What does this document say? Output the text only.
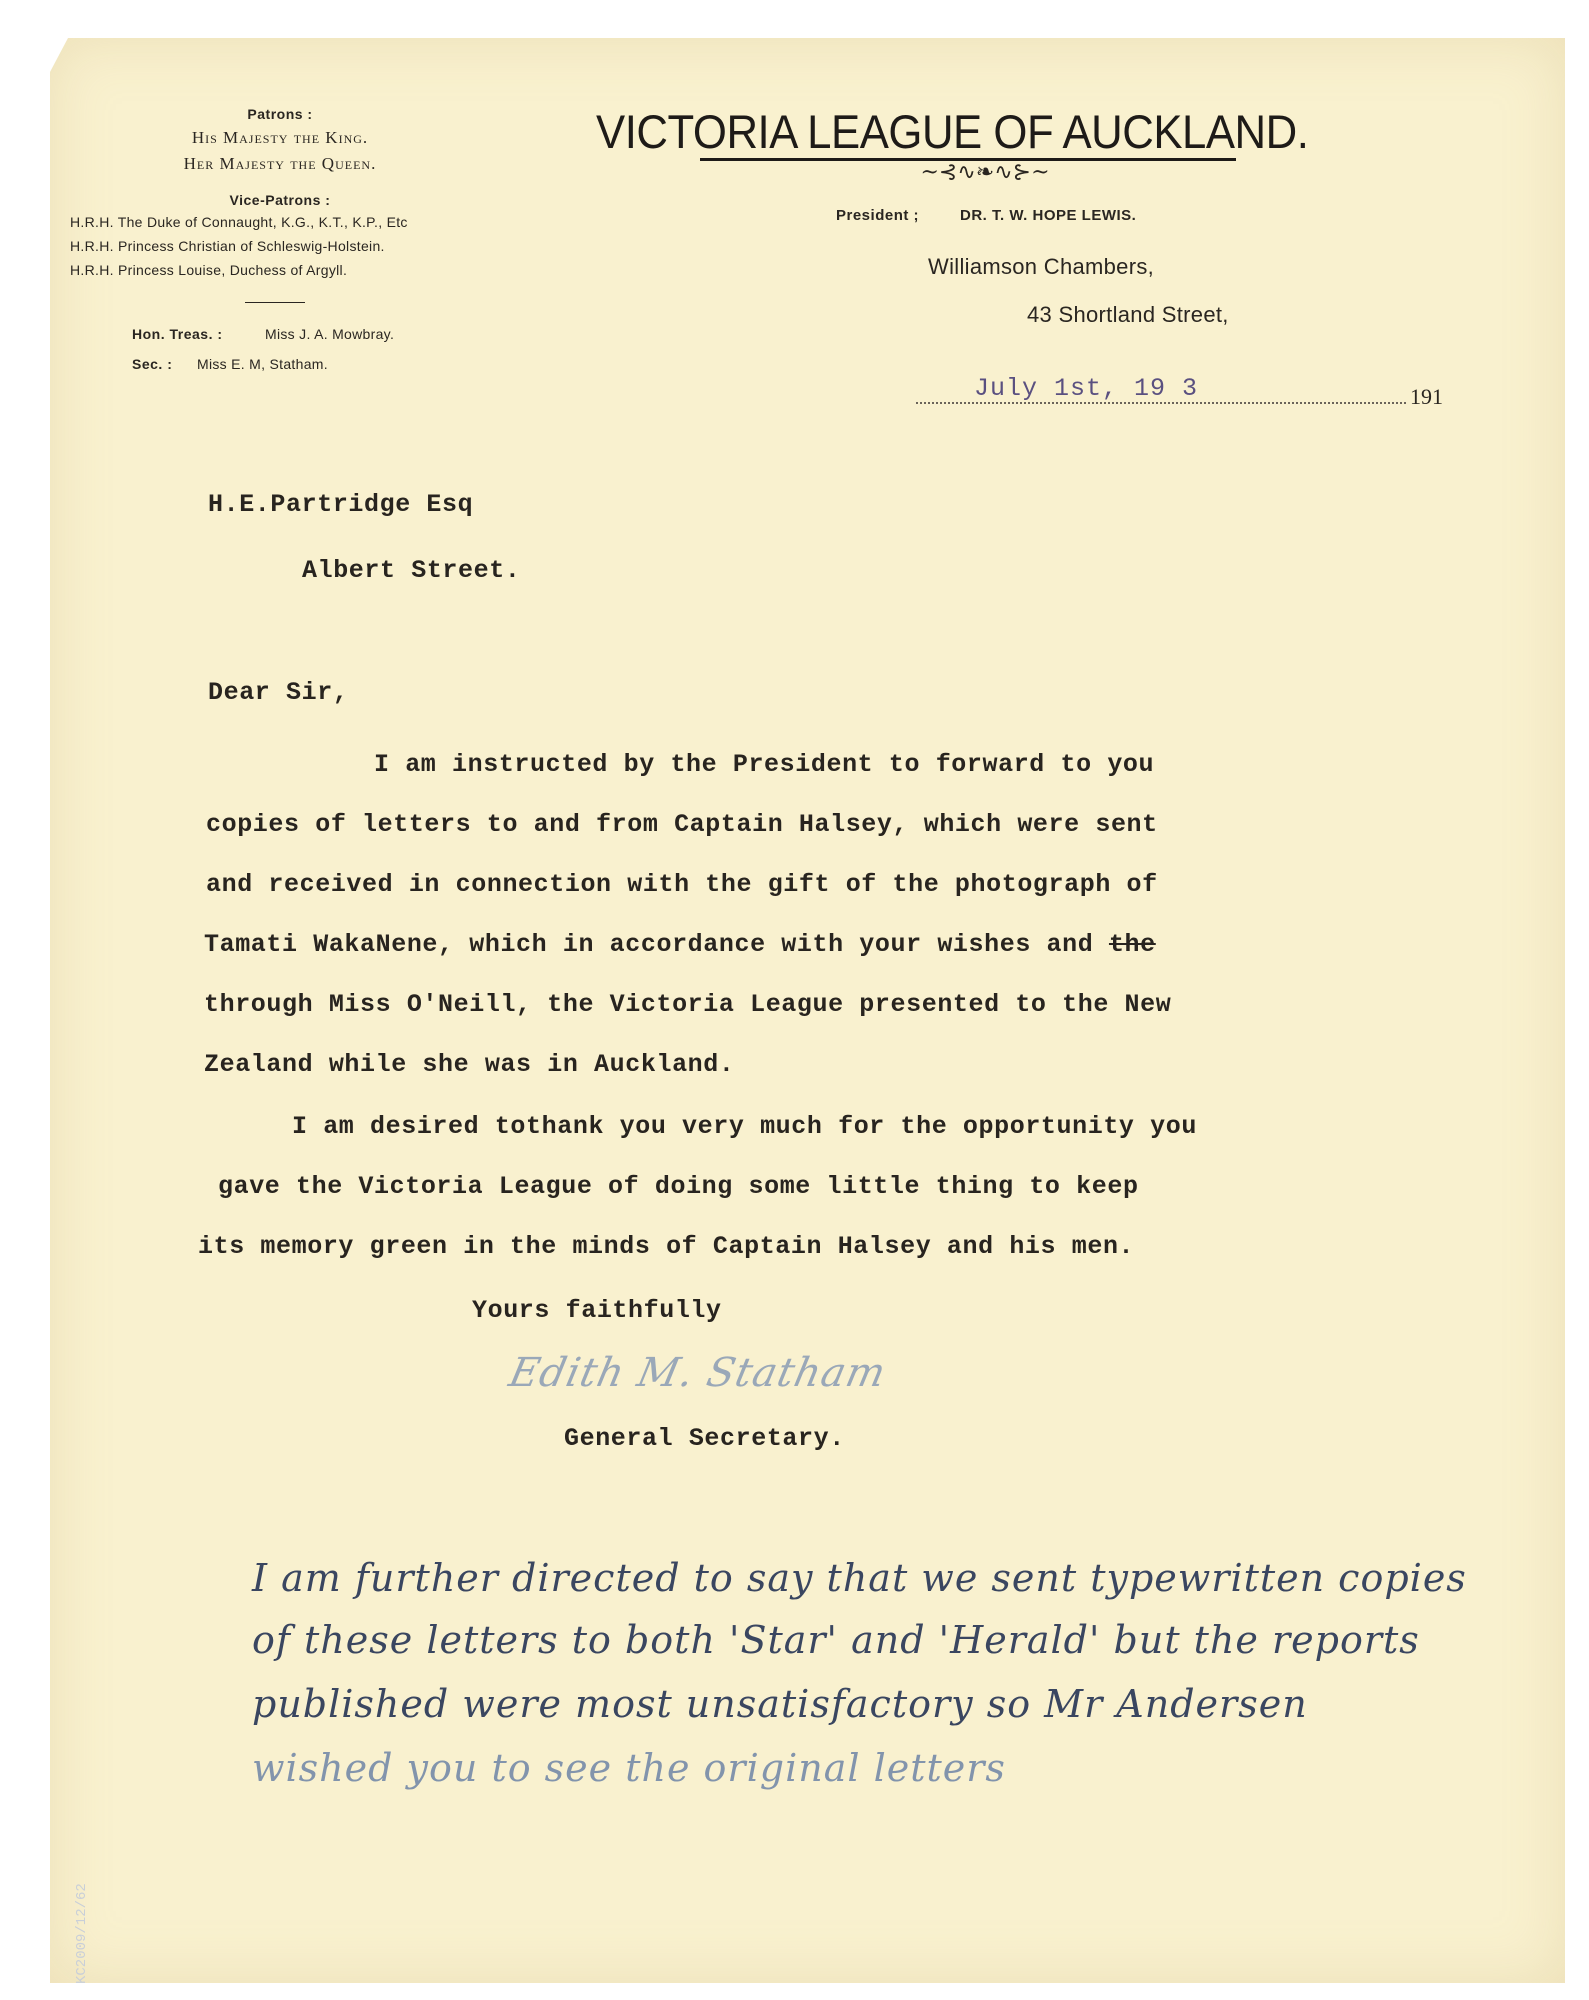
Patrons :
His Majesty the King.
Her Majesty the Queen.
Vice-Patrons :
H.R.H. The Duke of Connaught, K.G., K.T., K.P., Etc
H.R.H. Princess Christian of Schleswig-Holstein.
H.R.H. Princess Louise, Duchess of Argyll.
Hon. Treas. :	Miss J. A. Mowbray.
Sec. : Miss E. M, Statham.
VICTORIA LEAGUE OF AUCKLAND.
~⊰∿❧∿⊱~
President ;	DR. T. W. HOPE LEWIS.
Williamson Chambers,
43 Shortland Street,
July 1st, 19 3	191
H.E.Partridge Esq
Albert Street.
Dear Sir,
I am instructed by the President to forward to you
copies of letters to and from Captain Halsey, which were sent
and received in connection with the gift of the photograph of
Tamati WakaNene, which in accordance with your wishes and the
through Miss O'Neill, the Victoria League presented to the New
Zealand while she was in Auckland.
I am desired tothank you very much for the opportunity you
gave the Victoria League of doing some little thing to keep
its memory green in the minds of Captain Halsey and his men.
Yours faithfully
Edith M. Statham
General Secretary.
I am further directed to say that we sent typewritten copies
of these letters to both 'Star' and 'Herald' but the reports
published were most unsatisfactory so Mr Andersen
wished you to see the original letters
KC2009/12/62
